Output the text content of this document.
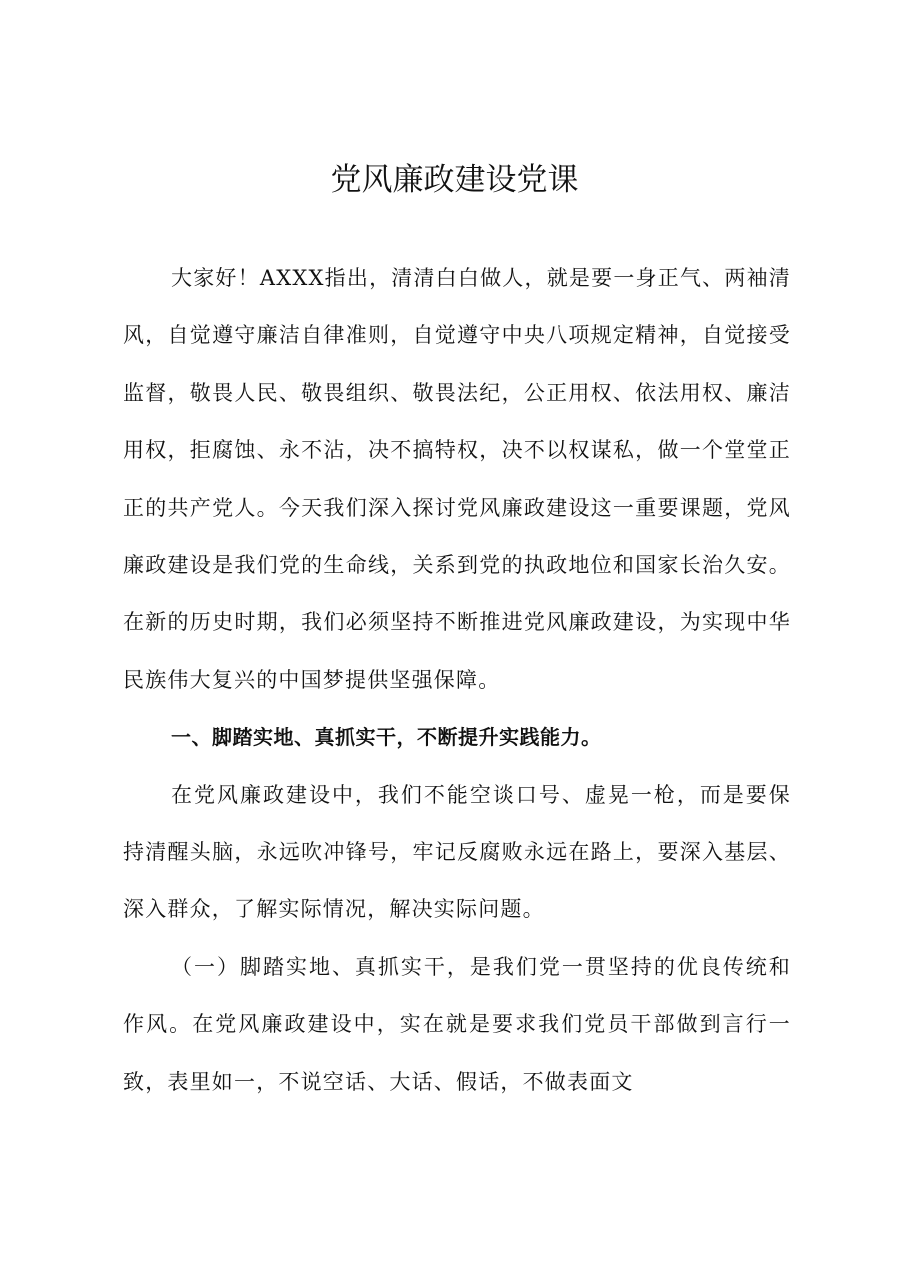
党风廉政建设党课

大家好！AXXX指出，清清白白做人，就是要一身正气、两袖清风，自觉遵守廉洁自律准则，自觉遵守中央八项规定精神，自觉接受监督，敬畏人民、敬畏组织、敬畏法纪，公正用权、依法用权、廉洁用权，拒腐蚀、永不沾，决不搞特权，决不以权谋私，做一个堂堂正正的共产党人。今天我们深入探讨党风廉政建设这一重要课题，党风廉政建设是我们党的生命线，关系到党的执政地位和国家长治久安。在新的历史时期，我们必须坚持不断推进党风廉政建设，为实现中华民族伟大复兴的中国梦提供坚强保障。

一、脚踏实地、真抓实干，不断提升实践能力。

在党风廉政建设中，我们不能空谈口号、虚晃一枪，而是要保持清醒头脑，永远吹冲锋号，牢记反腐败永远在路上，要深入基层、深入群众，了解实际情况，解决实际问题。

（一）脚踏实地、真抓实干，是我们党一贯坚持的优良传统和作风。在党风廉政建设中，实在就是要求我们党员干部做到言行一致，表里如一，不说空话、大话、假话，不做表面文
